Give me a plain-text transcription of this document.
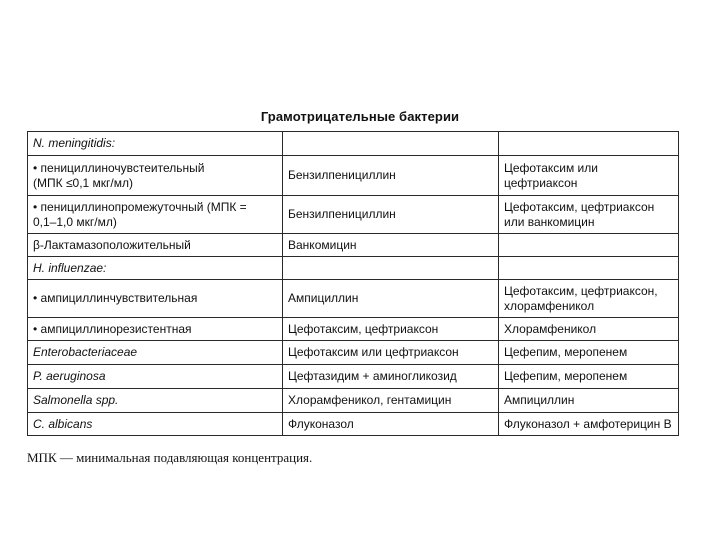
Грамотрицательные бактерии
N. meningitidis:		
• пенициллиночувстеительный
(МПК ≤0,1 мкг/мл)	Бензилпенициллин	Цефотаксим или цефтриаксон
• пенициллинопромежуточный (МПК =
0,1–1,0 мкг/мл)	Бензилпенициллин	Цефотаксим, цефтриаксон
или ванкомицин
β-Лактамазоположительный	Ванкомицин	
H. influenzae:		
• ампициллинчувствительная	Ампициллин	Цефотаксим, цефтриаксон,
хлорамфеникол
• ампициллинорезистентная	Цефотаксим, цефтриаксон	Хлорамфеникол
Enterobacteriaceae	Цефотаксим или цефтриаксон	Цефепим, меропенем
P. aeruginosa	Цефтазидим + аминогликозид	Цефепим, меропенем
Salmonella spp.	Хлорамфеникол, гентамицин	Ампициллин
C. albicans	Флуконазол	Флуконазол + амфотерицин В
МПК — минимальная подавляющая концентрация.
